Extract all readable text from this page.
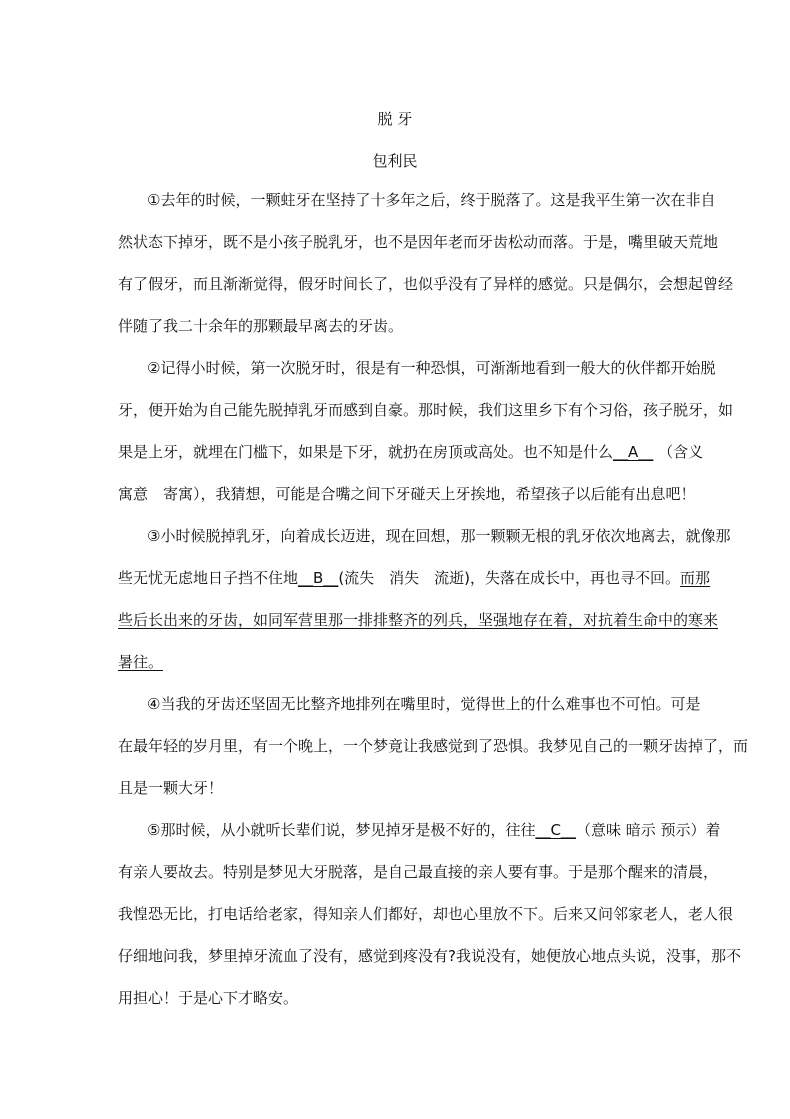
脱 牙
包利民
①去年的时候，一颗蛀牙在坚持了十多年之后，终于脱落了。这是我平生第一次在非自
然状态下掉牙，既不是小孩子脱乳牙，也不是因年老而牙齿松动而落。于是，嘴里破天荒地
有了假牙，而且渐渐觉得，假牙时间长了，也似乎没有了异样的感觉。只是偶尔，会想起曾经
伴随了我二十余年的那颗最早离去的牙齿。
②记得小时候，第一次脱牙时，很是有一种恐惧，可渐渐地看到一般大的伙伴都开始脱
牙，便开始为自己能先脱掉乳牙而感到自豪。那时候，我们这里乡下有个习俗，孩子脱牙，如
果是上牙，就埋在门槛下，如果是下牙，就扔在房顶或高处。也不知是什么__A__ （含义
寓意　寄寓），我猜想，可能是合嘴之间下牙碰天上牙挨地，希望孩子以后能有出息吧！
③小时候脱掉乳牙，向着成长迈进，现在回想，那一颗颗无根的乳牙依次地离去，就像那
些无忧无虑地日子挡不住地__B__(流失　消失　流逝)，失落在成长中，再也寻不回。而那
些后长出来的牙齿，如同军营里那一排排整齐的列兵，坚强地存在着，对抗着生命中的寒来
暑往。
④当我的牙齿还坚固无比整齐地排列在嘴里时，觉得世上的什么难事也不可怕。可是
在最年轻的岁月里，有一个晚上，一个梦竟让我感觉到了恐惧。我梦见自己的一颗牙齿掉了，而
且是一颗大牙！
⑤那时候，从小就听长辈们说，梦见掉牙是极不好的，往往__C__（意味 暗示 预示）着
有亲人要故去。特别是梦见大牙脱落，是自己最直接的亲人要有事。于是那个醒来的清晨，
我惶恐无比，打电话给老家，得知亲人们都好，却也心里放不下。后来又问邻家老人，老人很
仔细地问我，梦里掉牙流血了没有，感觉到疼没有?我说没有，她便放心地点头说，没事，那不
用担心！于是心下才略安。
